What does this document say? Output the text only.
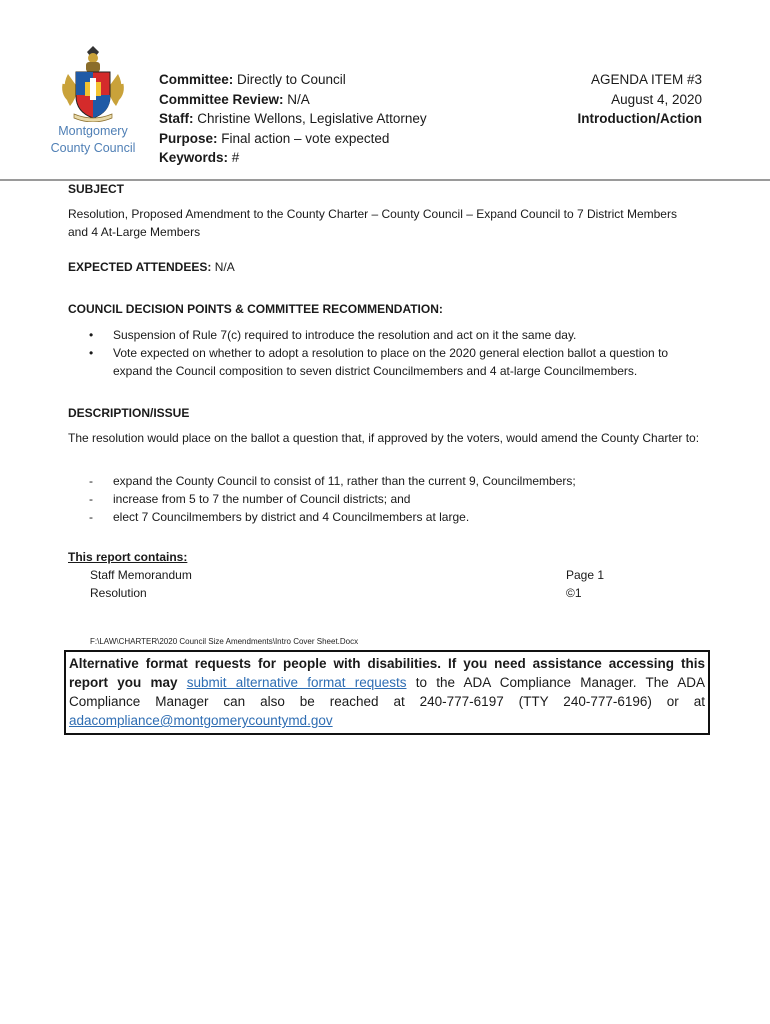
Montgomery
County Council
Committee: Directly to Council
Committee Review: N/A
Staff: Christine Wellons, Legislative Attorney
Purpose: Final action – vote expected
Keywords: #
AGENDA ITEM #3
August 4, 2020
Introduction/Action
SUBJECT
Resolution, Proposed Amendment to the County Charter – County Council – Expand Council to 7 District Members and 4 At-Large Members
EXPECTED ATTENDEES: N/A
COUNCIL DECISION POINTS & COMMITTEE RECOMMENDATION:
• Suspension of Rule 7(c) required to introduce the resolution and act on it the same day.
• Vote expected on whether to adopt a resolution to place on the 2020 general election ballot a question to expand the Council composition to seven district Councilmembers and 4 at-large Councilmembers.
DESCRIPTION/ISSUE
The resolution would place on the ballot a question that, if approved by the voters, would amend the County Charter to:
- expand the County Council to consist of 11, rather than the current 9, Councilmembers;
- increase from 5 to 7 the number of Council districts; and
- elect 7 Councilmembers by district and 4 Councilmembers at large.
This report contains:
Staff Memorandum	Page 1
Resolution	©1
F:\LAW\CHARTER\2020 Council Size Amendments\Intro Cover Sheet.Docx
Alternative format requests for people with disabilities. If you need assistance accessing this report you may submit alternative format requests to the ADA Compliance Manager. The ADA Compliance Manager can also be reached at 240-777-6197 (TTY 240-777-6196) or at adacompliance@montgomerycountymd.gov
